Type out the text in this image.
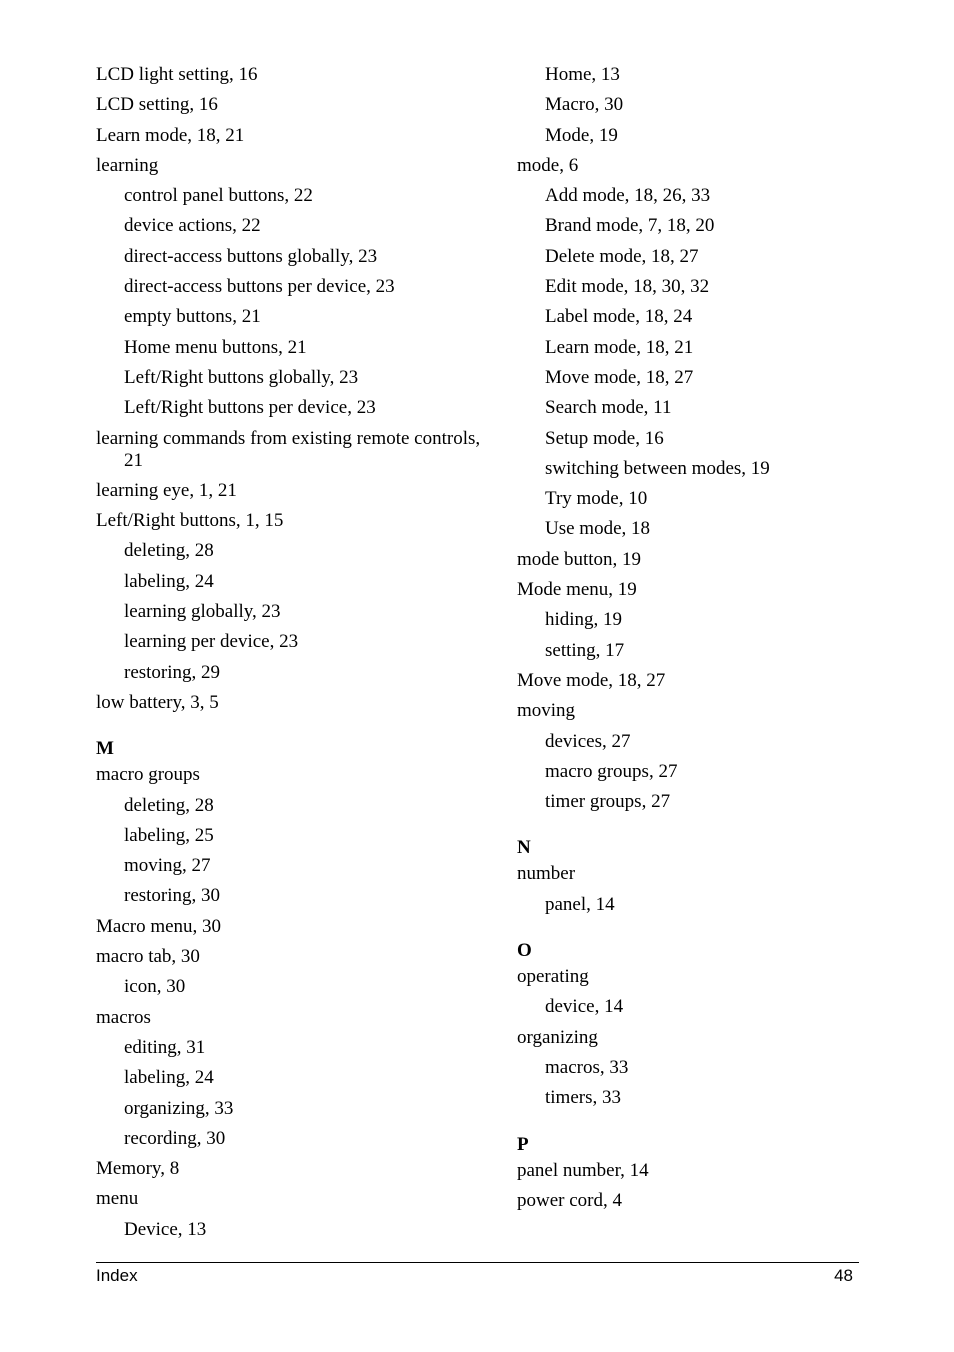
LCD light setting, 16

LCD setting, 16

Learn mode, 18, 21

learning

control panel buttons, 22

device actions, 22

direct-access buttons globally, 23

direct-access buttons per device, 23

empty buttons, 21

Home menu buttons, 21

Left/Right buttons globally, 23

Left/Right buttons per device, 23

learning commands from existing remote controls, 21

learning eye, 1, 21

Left/Right buttons, 1, 15

deleting, 28

labeling, 24

learning globally, 23

learning per device, 23

restoring, 29

low battery, 3, 5

M

macro groups

deleting, 28

labeling, 25

moving, 27

restoring, 30

Macro menu, 30

macro tab, 30

icon, 30

macros

editing, 31

labeling, 24

organizing, 33

recording, 30

Memory, 8

menu

Device, 13

Home, 13

Macro, 30

Mode, 19

mode, 6

Add mode, 18, 26, 33

Brand mode, 7, 18, 20

Delete mode, 18, 27

Edit mode, 18, 30, 32

Label mode, 18, 24

Learn mode, 18, 21

Move mode, 18, 27

Search mode, 11

Setup mode, 16

switching between modes, 19

Try mode, 10

Use mode, 18

mode button, 19

Mode menu, 19

hiding, 19

setting, 17

Move mode, 18, 27

moving

devices, 27

macro groups, 27

timer groups, 27

N

number

panel, 14

O

operating

device, 14

organizing

macros, 33

timers, 33

P

panel number, 14

power cord, 4

Index	48
